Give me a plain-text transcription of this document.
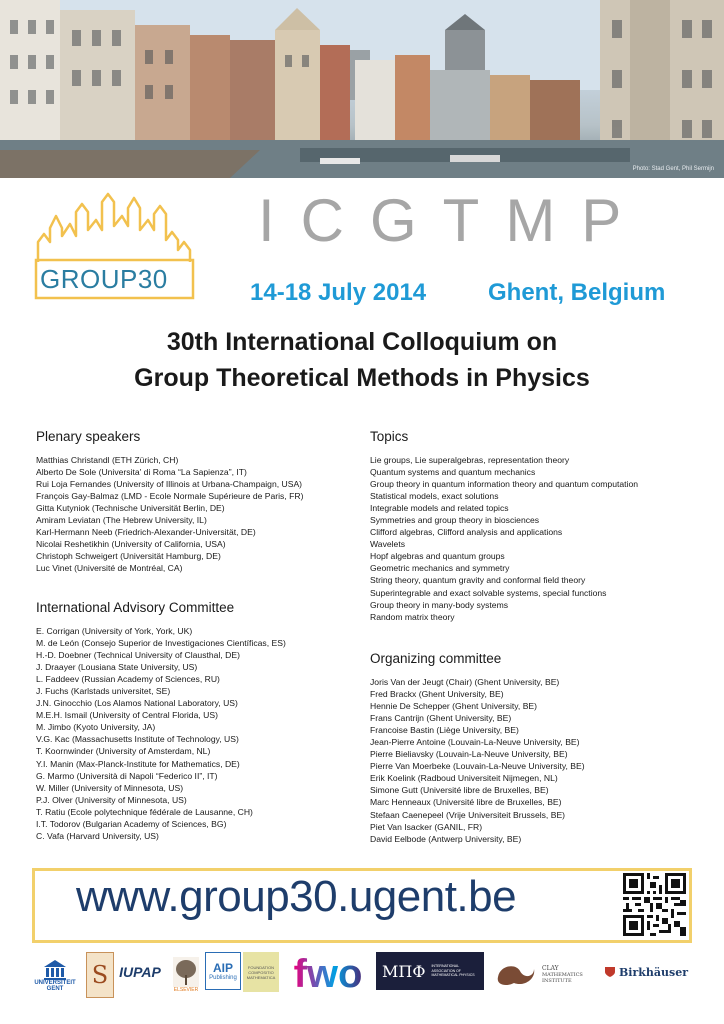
Photo: Stad Gent, Phil Sermijn
GROUP30
ICGTMP
14-18 July 2014	Ghent, Belgium
30th International Colloquium on
Group Theoretical Methods in Physics
Plenary speakers
Matthias Christandl (ETH Zürich, CH)
Alberto De Sole (Universita' di Roma “La Sapienza”, IT)
Rui Loja Fernandes (University of Illinois at Urbana-Champaign, USA)
François Gay-Balmaz (LMD - Ecole Normale Supérieure de Paris, FR)
Gitta Kutyniok (Technische Universität Berlin, DE)
Amiram Leviatan (The Hebrew University, IL)
Karl-Hermann Neeb (Friedrich-Alexander-Universität, DE)
Nicolai Reshetikhin (University of California, USA)
Christoph Schweigert (Universität Hamburg, DE)
Luc Vinet (Université de Montréal, CA)
International Advisory Committee
E. Corrigan (University of York, York, UK)
M. de León (Consejo Superior de Investigaciones Científicas, ES)
H.-D. Doebner (Technical University of Clausthal, DE)
J. Draayer (Lousiana State University, US)
L. Faddeev (Russian Academy of Sciences, RU)
J. Fuchs (Karlstads universitet, SE)
J.N. Ginocchio (Los Alamos National Laboratory, US)
M.E.H. Ismail (University of Central Florida, US)
M. Jimbo (Kyoto University, JA)
V.G. Kac (Massachusetts Institute of Technology, US)
T. Koornwinder (University of Amsterdam, NL)
Y.I. Manin (Max-Planck-Institute for Mathematics, DE)
G. Marmo (Università di Napoli “Federico II”, IT)
W. Miller (University of Minnesota, US)
P.J. Olver (University of Minnesota, US)
T. Ratiu (Ecole polytechnique fédérale de Lausanne, CH)
I.T. Todorov (Bulgarian Academy of Sciences, BG)
C. Vafa (Harvard University, US)
Topics
Lie groups, Lie superalgebras, representation theory
Quantum systems and quantum mechanics
Group theory in quantum information theory and quantum computation
Statistical models, exact solutions
Integrable models and related topics
Symmetries and group theory in biosciences
Clifford algebras, Clifford analysis and applications
Wavelets
Hopf algebras and quantum groups
Geometric mechanics and symmetry
String theory, quantum gravity and conformal field theory
Superintegrable and exact solvable systems, special functions
Group theory in many-body systems
Random matrix theory
Organizing committee
Joris Van der Jeugt (Chair) (Ghent University, BE)
Fred Brackx (Ghent University, BE)
Hennie De Schepper (Ghent University, BE)
Frans Cantrijn (Ghent University, BE)
Francoise Bastin (Liège University, BE)
Jean-Pierre Antoine (Louvain-La-Neuve University, BE)
Pierre Bieliavsky (Louvain-La-Neuve University, BE)
Pierre Van Moerbeke (Louvain-La-Neuve University, BE)
Erik Koelink (Radboud Universiteit Nijmegen, NL)
Simone Gutt (Université libre de Bruxelles, BE)
Marc Henneaux (Université libre de Bruxelles, BE)
Stefaan Caenepeel (Vrije Universiteit Brussels, BE)
Piet Van Isacker (GANIL, FR)
David Eelbode (Antwerp University, BE)
www.group30.ugent.be
UNIVERSITEIT
GENT S IUPAP
ELSEVIER
AIP
Publishing
FOUNDATION COMPOSITIO MATHEMATICA fwo MΠΦ INTERNATIONAL ASSOCIATION OF MATHEMATICAL PHYSICS
CLAY
MATHEMATICS
INSTITUTE
Birkhäuser
